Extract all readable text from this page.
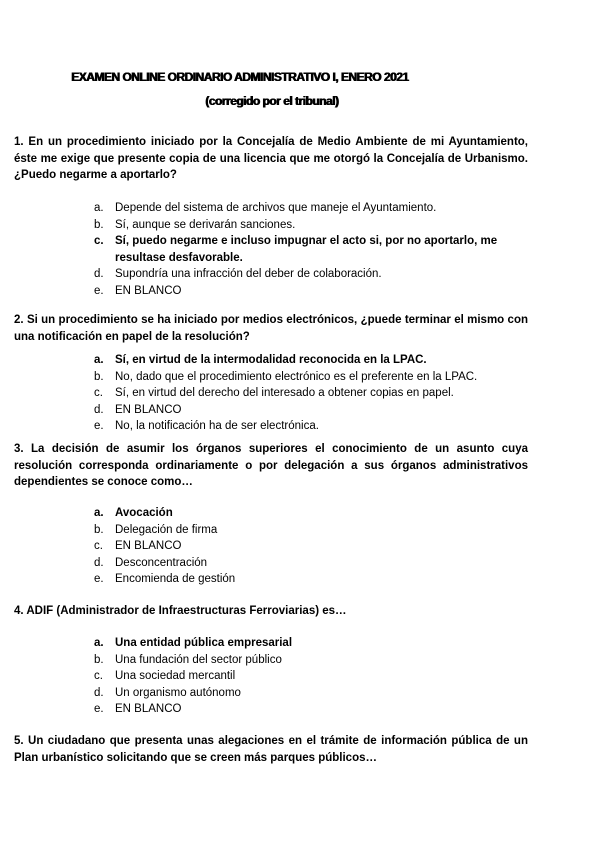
EXAMEN ONLINE ORDINARIO ADMINISTRATIVO I, ENERO 2021
(corregido por el tribunal)
1. En un procedimiento iniciado por la Concejalía de Medio Ambiente de mi Ayuntamiento, éste me exige que presente copia de una licencia que me otorgó la Concejalía de Urbanismo. ¿Puedo negarme a aportarlo?
a. Depende del sistema de archivos que maneje el Ayuntamiento.
b. Sí, aunque se derivarán sanciones.
c. Sí, puedo negarme e incluso impugnar el acto si, por no aportarlo, me resultase desfavorable.
d. Supondría una infracción del deber de colaboración.
e. EN BLANCO
2. Si un procedimiento se ha iniciado por medios electrónicos, ¿puede terminar el mismo con una notificación en papel de la resolución?
a. Sí, en virtud de la intermodalidad reconocida en la LPAC.
b. No, dado que el procedimiento electrónico es el preferente en la LPAC.
c.	Sí, en virtud del derecho del interesado a obtener copias en papel.
d. EN BLANCO
e. No, la notificación ha de ser electrónica.
3. La decisión de asumir los órganos superiores el conocimiento de un asunto cuya resolución corresponda ordinariamente o por delegación a sus órganos administrativos dependientes se conoce como…
a. Avocación
b. Delegación de firma
c.	EN BLANCO
d. Desconcentración
e. Encomienda de gestión
4. ADIF (Administrador de Infraestructuras Ferroviarias) es…
a. Una entidad pública empresarial
b. Una fundación del sector público
c.	Una sociedad mercantil
d. Un organismo autónomo
e. EN BLANCO
5. Un ciudadano que presenta unas alegaciones en el trámite de información pública de un Plan urbanístico solicitando que se creen más parques públicos…
